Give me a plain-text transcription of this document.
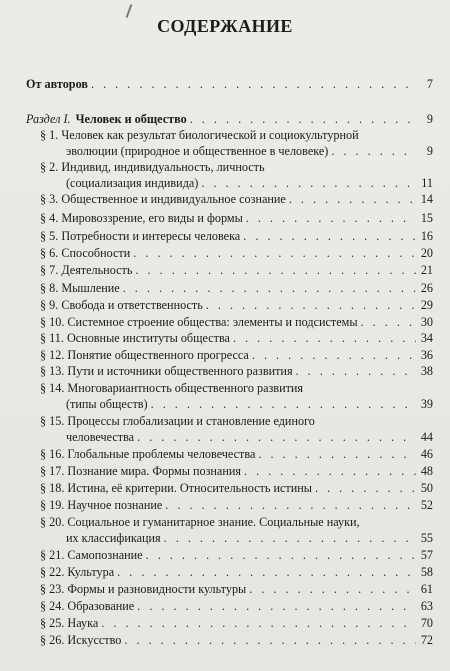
СОДЕРЖАНИЕ
От авторов . . .	7
Раздел I. Человек и общество . . .	9
§ 1. Человек как результат биологической и социокультурной
эволюции (природное и общественное в человеке) . . .	9
§ 2. Индивид, индивидуальность, личность
(социализация индивида) . . .	11
§ 3. Общественное и индивидуальное сознание . . .	14
§ 4. Мировоззрение, его виды и формы . . .	15
§ 5. Потребности и интересы человека . . .	16
§ 6. Способности . . .	20
§ 7. Деятельность . . .	21
§ 8. Мышление . . .	26
§ 9. Свобода и ответственность . . .	29
§ 10. Системное строение общества: элементы и подсистемы . . .	30
§ 11. Основные институты общества . . .	34
§ 12. Понятие общественного прогресса . . .	36
§ 13. Пути и источники общественного развития . . .	38
§ 14. Многовариантность общественного развития
(типы обществ) . . .	39
§ 15. Процессы глобализации и становление единого
человечества . . .	44
§ 16. Глобальные проблемы человечества . . .	46
§ 17. Познание мира. Формы познания . . .	48
§ 18. Истина, её критерии. Относительность истины . . .	50
§ 19. Научное познание . . .	52
§ 20. Социальное и гуманитарное знание. Социальные науки,
их классификация . . .	55
§ 21. Самопознание . . .	57
§ 22. Культура . . .	58
§ 23. Формы и разновидности культуры . . .	61
§ 24. Образование . . .	63
§ 25. Наука . . .	70
§ 26. Искусство . . .	72
